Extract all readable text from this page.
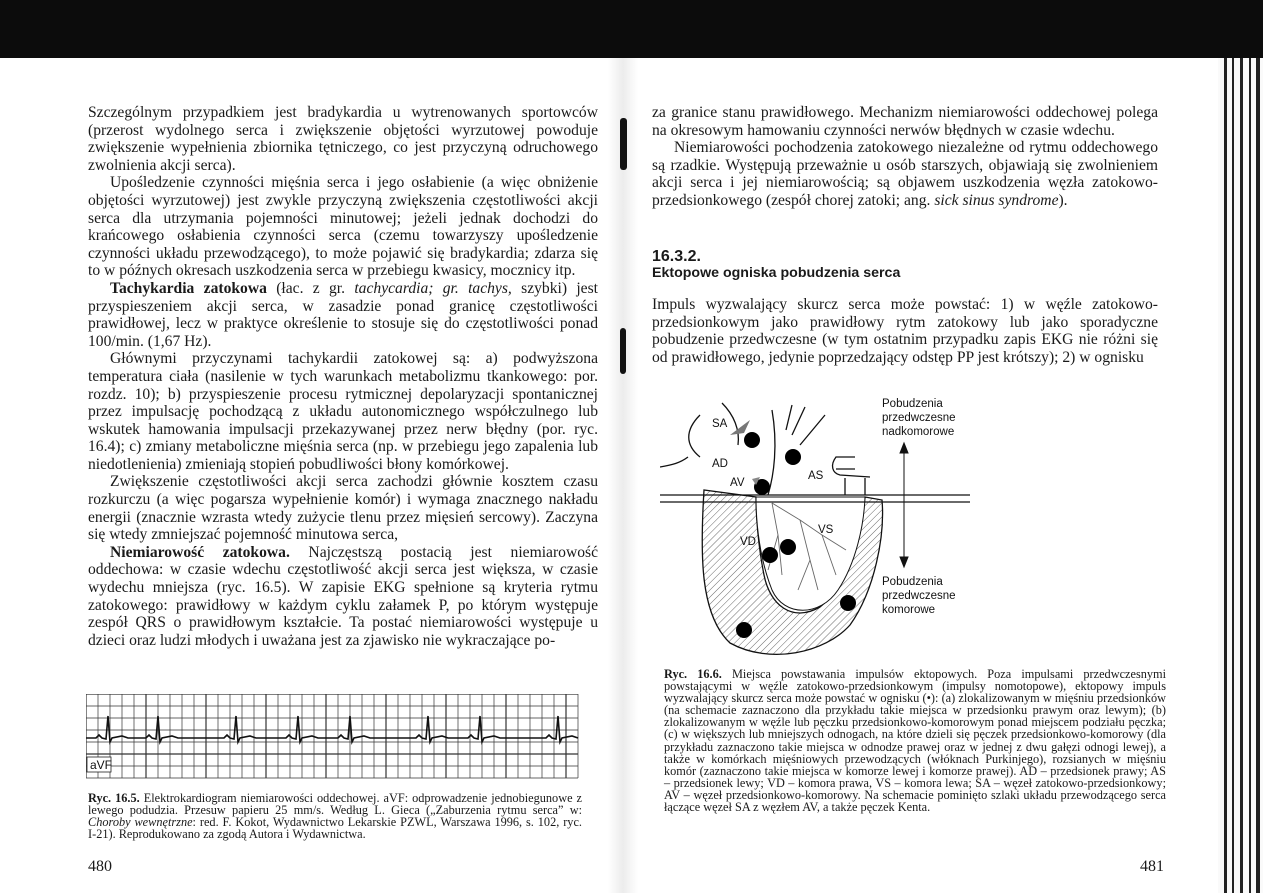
Szczególnym przypadkiem jest bradykardia u wytrenowanych sportowców (przerost wydolnego serca i zwiększenie objętości wyrzutowej powoduje zwiększenie wypełnienia zbiornika tętniczego, co jest przyczyną odruchowego zwolnienia akcji serca).

Upośledzenie czynności mięśnia serca i jego osłabienie (a więc obniżenie objętości wyrzutowej) jest zwykle przyczyną zwiększenia częstotliwości akcji serca dla utrzymania pojemności minutowej; jeżeli jednak dochodzi do krańcowego osłabienia czynności serca (czemu towarzyszy upośledzenie czynności układu przewodzącego), to może pojawić się bradykardia; zdarza się to w późnych okresach uszkodzenia serca w przebiegu kwasicy, mocznicy itp.

Tachykardia zatokowa (łac. z gr. tachycardia; gr. tachys, szybki) jest przyspieszeniem akcji serca, w zasadzie ponad granicę częstotliwości prawidłowej, lecz w praktyce określenie to stosuje się do częstotliwości ponad 100/min. (1,67 Hz).

Głównymi przyczynami tachykardii zatokowej są: a) podwyższona temperatura ciała (nasilenie w tych warunkach metabolizmu tkankowego: por. rozdz. 10); b) przyspieszenie procesu rytmicznej depolaryzacji spontanicznej przez impulsację pochodzącą z układu autonomicznego współczulnego lub wskutek hamowania impulsacji przekazywanej przez nerw błędny (por. ryc. 16.4); c) zmiany metaboliczne mięśnia serca (np. w przebiegu jego zapalenia lub niedotlenienia) zmieniają stopień pobudliwości błony komórkowej.

Zwiększenie częstotliwości akcji serca zachodzi głównie kosztem czasu rozkurczu (a więc pogarsza wypełnienie komór) i wymaga znacznego nakładu energii (znacznie wzrasta wtedy zużycie tlenu przez mięsień sercowy). Zaczyna się wtedy zmniejszać pojemność minutowa serca,

Niemiarowość zatokowa. Najczęstszą postacią jest niemiarowość oddechowa: w czasie wdechu częstotliwość akcji serca jest większa, w czasie wydechu mniejsza (ryc. 16.5). W zapisie EKG spełnione są kryteria rytmu zatokowego: prawidłowy w każdym cyklu załamek P, po którym występuje zespół QRS o prawidłowym kształcie. Ta postać niemiarowości występuje u dzieci oraz ludzi młodych i uważana jest za zjawisko nie wykraczające po-

aVF
Ryc. 16.5. Elektrokardiogram niemiarowości oddechowej. aVF: odprowadzenie jednobiegunowe z lewego podudzia. Przesuw papieru 25 mm/s. Według L. Gieca („Zaburzenia rytmu serca” w: Choroby wewnętrzne: red. F. Kokot, Wydawnictwo Lekarskie PZWL, Warszawa 1996, s. 102, ryc. I-21). Reprodukowano za zgodą Autora i Wydawnictwa.
480

za granice stanu prawidłowego. Mechanizm niemiarowości oddechowej polega na okresowym hamowaniu czynności nerwów błędnych w czasie wdechu.

Niemiarowości pochodzenia zatokowego niezależne od rytmu oddechowego są rzadkie. Występują przeważnie u osób starszych, objawiają się zwolnieniem akcji serca i jej niemiarowością; są objawem uszkodzenia węzła zatokowo-przedsionkowego (zespół chorej zatoki; ang. sick sinus syndrome).

16.3.2.
Ektopowe ogniska pobudzenia serca

Impuls wyzwalający skurcz serca może powstać: 1) w węźle zatokowo-przedsionkowym jako prawidłowy rytm zatokowy lub jako sporadyczne pobudzenie przedwczesne (w tym ostatnim przypadku zapis EKG nie różni się od prawidłowego, jedynie poprzedzający odstęp PP jest krótszy); 2) w ognisku

SA
AD
AS
AV
VD
VS
Pobudzenia
przedwczesne
nadkomorowe
Pobudzenia
przedwczesne
komorowe
Ryc. 16.6. Miejsca powstawania impulsów ektopowych. Poza impulsami przedwczesnymi powstającymi w węźle zatokowo-przedsionkowym (impulsy nomotopowe), ektopowy impuls wyzwalający skurcz serca może powstać w ognisku (•): (a) zlokalizowanym w mięśniu przedsionków (na schemacie zaznaczono dla przykładu takie miejsca w przedsionku prawym oraz lewym); (b) zlokalizowanym w węźle lub pęczku przedsionkowo-komorowym ponad miejscem podziału pęczka; (c) w większych lub mniejszych odnogach, na które dzieli się pęczek przedsionkowo-komorowy (dla przykładu zaznaczono takie miejsca w odnodze prawej oraz w jednej z dwu gałęzi odnogi lewej), a także w komórkach mięśniowych przewodzących (włóknach Purkinjego), rozsianych w mięśniu komór (zaznaczono takie miejsca w komorze lewej i komorze prawej). AD – przedsionek prawy; AS – przedsionek lewy; VD – komora prawa, VS – komora lewa; SA – węzeł zatokowo-przedsionkowy; AV – węzeł przedsionkowo-komorowy. Na schemacie pominięto szlaki układu przewodzącego serca łączące węzeł SA z węzłem AV, a także pęczek Kenta.
481
